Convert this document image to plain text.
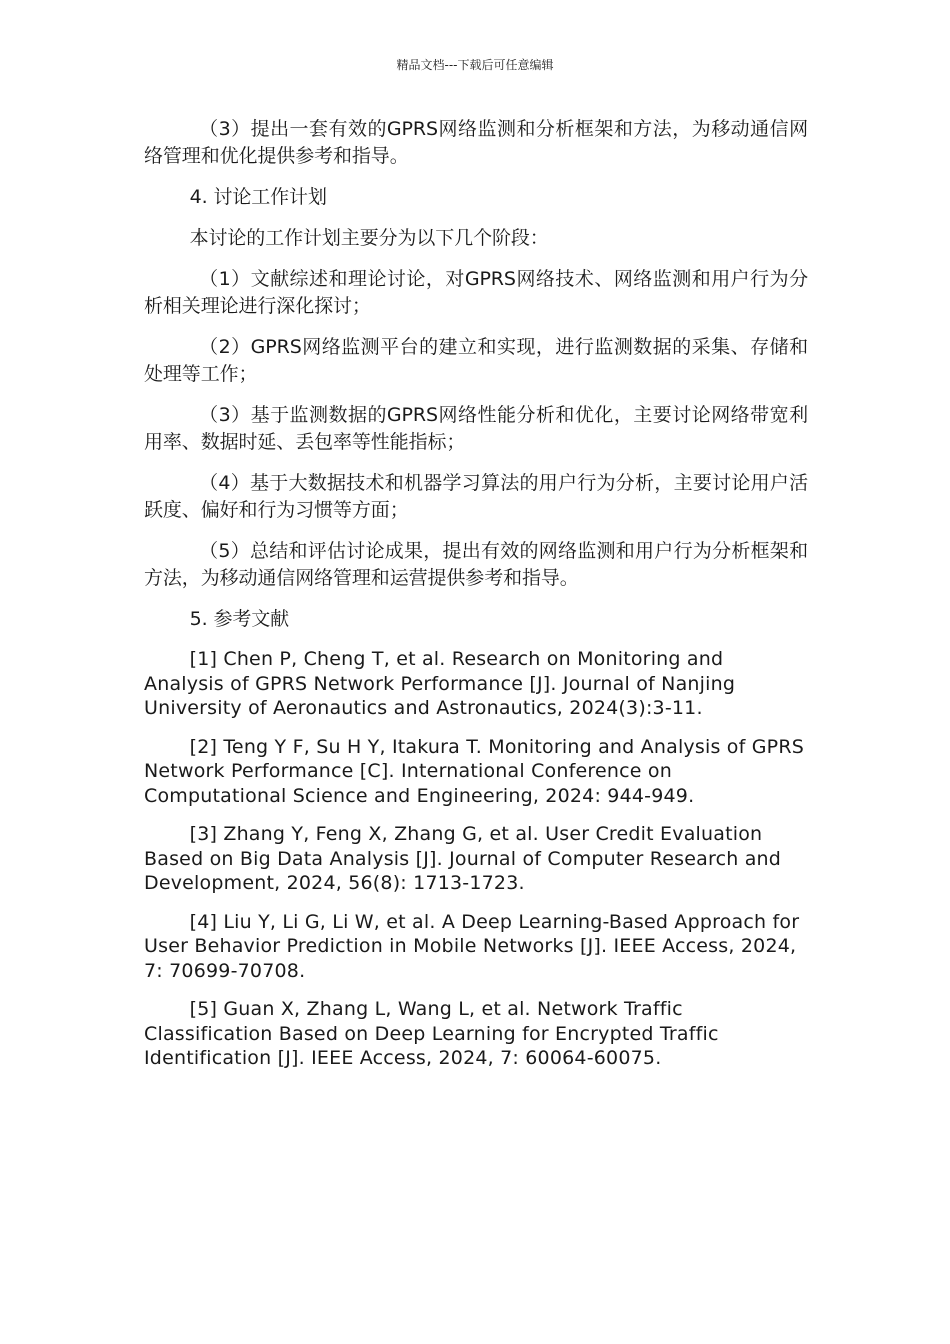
精品文档---下载后可任意编辑

（3）提出一套有效的GPRS网络监测和分析框架和方法，为移动通信网络管理和优化提供参考和指导。

4. 讨论工作计划

本讨论的工作计划主要分为以下几个阶段：

（1）文献综述和理论讨论，对GPRS网络技术、网络监测和用户行为分析相关理论进行深化探讨；

（2）GPRS网络监测平台的建立和实现，进行监测数据的采集、存储和处理等工作；

（3）基于监测数据的GPRS网络性能分析和优化，主要讨论网络带宽利用率、数据时延、丢包率等性能指标；

（4）基于大数据技术和机器学习算法的用户行为分析，主要讨论用户活跃度、偏好和行为习惯等方面；

（5）总结和评估讨论成果，提出有效的网络监测和用户行为分析框架和方法，为移动通信网络管理和运营提供参考和指导。

5. 参考文献

[1] Chen P, Cheng T, et al. Research on Monitoring and Analysis of GPRS Network Performance [J]. Journal of Nanjing University of Aeronautics and Astronautics, 2024(3):3-11.

[2] Teng Y F, Su H Y, Itakura T. Monitoring and Analysis of GPRS Network Performance [C]. International Conference on Computational Science and Engineering, 2024: 944-949.

[3] Zhang Y, Feng X, Zhang G, et al. User Credit Evaluation Based on Big Data Analysis [J]. Journal of Computer Research and Development, 2024, 56(8): 1713-1723.

[4] Liu Y, Li G, Li W, et al. A Deep Learning-Based Approach for User Behavior Prediction in Mobile Networks [J]. IEEE Access, 2024, 7: 70699-70708.

[5] Guan X, Zhang L, Wang L, et al. Network Traffic Classification Based on Deep Learning for Encrypted Traffic Identification [J]. IEEE Access, 2024, 7: 60064-60075.
